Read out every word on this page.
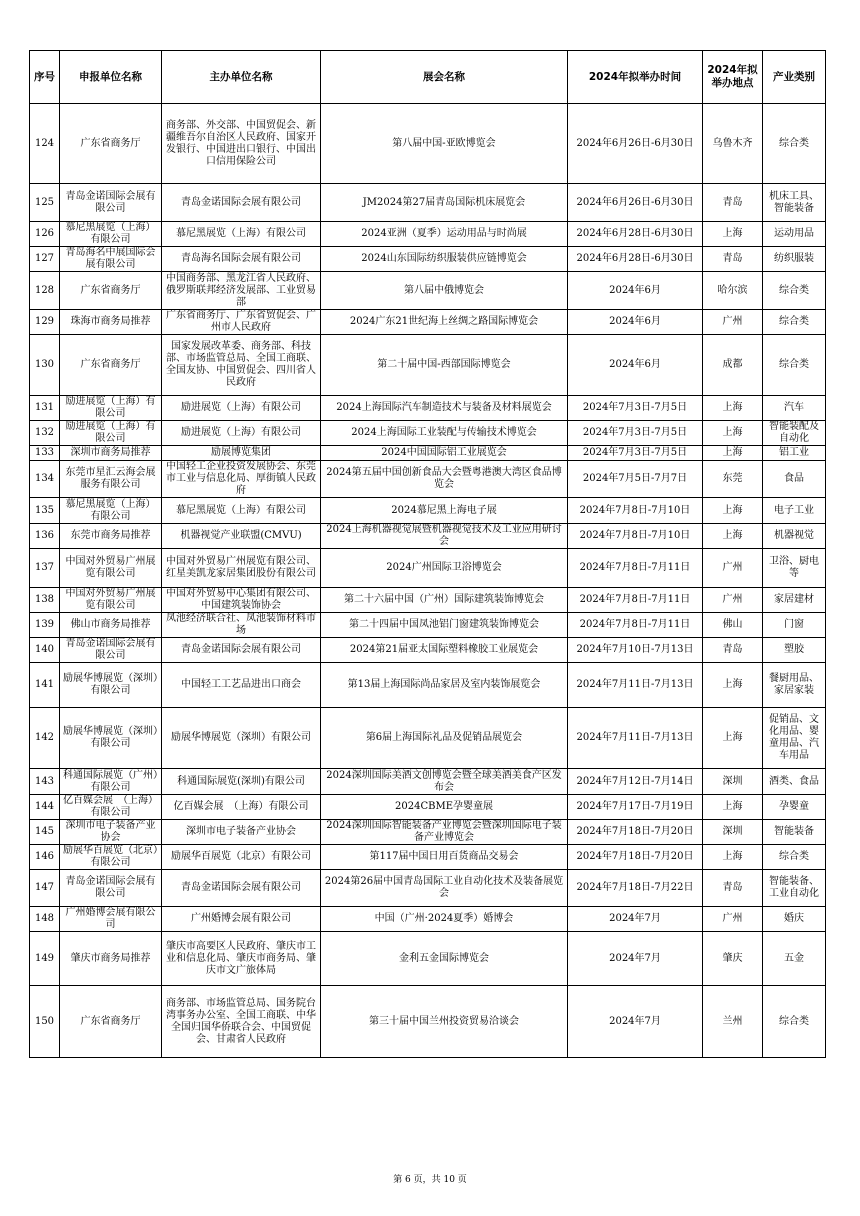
序号	申报单位名称	主办单位名称	展会名称	2024年拟举办时间	2024年拟举办地点	产业类别
124	广东省商务厅	商务部、外交部、中国贸促会、新疆维吾尔自治区人民政府、国家开发银行、中国进出口银行、中国出口信用保险公司	第八届中国-亚欧博览会	2024年6月26日-6月30日	乌鲁木齐	综合类
125	青岛金诺国际会展有限公司	青岛金诺国际会展有限公司	JM2024第27届青岛国际机床展览会	2024年6月26日-6月30日	青岛	机床工具、智能装备
126	慕尼黑展览（上海）有限公司	慕尼黑展览（上海）有限公司	2024亚洲（夏季）运动用品与时尚展	2024年6月28日-6月30日	上海	运动用品
127	青岛海名中展国际会展有限公司	青岛海名国际会展有限公司	2024山东国际纺织服装供应链博览会	2024年6月28日-6月30日	青岛	纺织服装
128	广东省商务厅	中国商务部、黑龙江省人民政府、俄罗斯联邦经济发展部、工业贸易部	第八届中俄博览会	2024年6月	哈尔滨	综合类
129	珠海市商务局推荐	广东省商务厅、广东省贸促会、广州市人民政府	2024广东21世纪海上丝绸之路国际博览会	2024年6月	广州	综合类
130	广东省商务厅	国家发展改革委、商务部、科技部、市场监管总局、全国工商联、全国友协、中国贸促会、四川省人民政府	第二十届中国-西部国际博览会	2024年6月	成都	综合类
131	励进展览（上海）有限公司	励进展览（上海）有限公司	2024上海国际汽车制造技术与装备及材料展览会	2024年7月3日-7月5日	上海	汽车
132	励进展览（上海）有限公司	励进展览（上海）有限公司	2024上海国际工业装配与传输技术博览会	2024年7月3日-7月5日	上海	智能装配及自动化
133	深圳市商务局推荐	励展博览集团	2024中国国际铝工业展览会	2024年7月3日-7月5日	上海	铝工业
134	东莞市星汇云海会展服务有限公司	中国轻工企业投资发展协会、东莞市工业与信息化局、厚街镇人民政府	2024第五届中国创新食品大会暨粤港澳大湾区食品博览会	2024年7月5日-7月7日	东莞	食品
135	慕尼黑展览（上海）有限公司	慕尼黑展览（上海）有限公司	2024慕尼黑上海电子展	2024年7月8日-7月10日	上海	电子工业
136	东莞市商务局推荐	机器视觉产业联盟(CMVU)	2024上海机器视觉展暨机器视觉技术及工业应用研讨会	2024年7月8日-7月10日	上海	机器视觉
137	中国对外贸易广州展览有限公司	中国对外贸易广州展览有限公司、红星美凯龙家居集团股份有限公司	2024广州国际卫浴博览会	2024年7月8日-7月11日	广州	卫浴、厨电等
138	中国对外贸易广州展览有限公司	中国对外贸易中心集团有限公司、中国建筑装饰协会	第二十六届中国（广州）国际建筑装饰博览会	2024年7月8日-7月11日	广州	家居建材
139	佛山市商务局推荐	凤池经济联合社、凤池装饰材料市场	第二十四届中国凤池铝门窗建筑装饰博览会	2024年7月8日-7月11日	佛山	门窗
140	青岛金诺国际会展有限公司	青岛金诺国际会展有限公司	2024第21届亚太国际塑料橡胶工业展览会	2024年7月10日-7月13日	青岛	塑胶
141	励展华博展览（深圳）有限公司	中国轻工工艺品进出口商会	第13届上海国际尚品家居及室内装饰展览会	2024年7月11日-7月13日	上海	餐厨用品、家居家装
142	励展华博展览（深圳）有限公司	励展华博展览（深圳）有限公司	第6届上海国际礼品及促销品展览会	2024年7月11日-7月13日	上海	促销品、文化用品、婴童用品、汽车用品
143	科通国际展览（广州）有限公司	科通国际展览(深圳)有限公司	2024深圳国际美酒文创博览会暨全球美酒美食产区发布会	2024年7月12日-7月14日	深圳	酒类、食品
144	亿百媒会展　（上海）有限公司	亿百媒会展　（上海）有限公司	2024CBME孕婴童展	2024年7月17日-7月19日	上海	孕婴童
145	深圳市电子装备产业协会	深圳市电子装备产业协会	2024深圳国际智能装备产业博览会暨深圳国际电子装备产业博览会	2024年7月18日-7月20日	深圳	智能装备
146	励展华百展览（北京）有限公司	励展华百展览（北京）有限公司	第117届中国日用百货商品交易会	2024年7月18日-7月20日	上海	综合类
147	青岛金诺国际会展有限公司	青岛金诺国际会展有限公司	2024第26届中国青岛国际工业自动化技术及装备展览会	2024年7月18日-7月22日	青岛	智能装备、工业自动化
148	广州婚博会展有限公司	广州婚博会展有限公司	中国（广州·2024夏季）婚博会	2024年7月	广州	婚庆
149	肇庆市商务局推荐	肇庆市高要区人民政府、肇庆市工业和信息化局、肇庆市商务局、肇庆市文广旅体局	金利五金国际博览会	2024年7月	肇庆	五金
150	广东省商务厅	商务部、市场监管总局、国务院台湾事务办公室、全国工商联、中华全国归国华侨联合会、中国贸促会、甘肃省人民政府	第三十届中国兰州投资贸易洽谈会	2024年7月	兰州	综合类
第 6 页，共 10 页
